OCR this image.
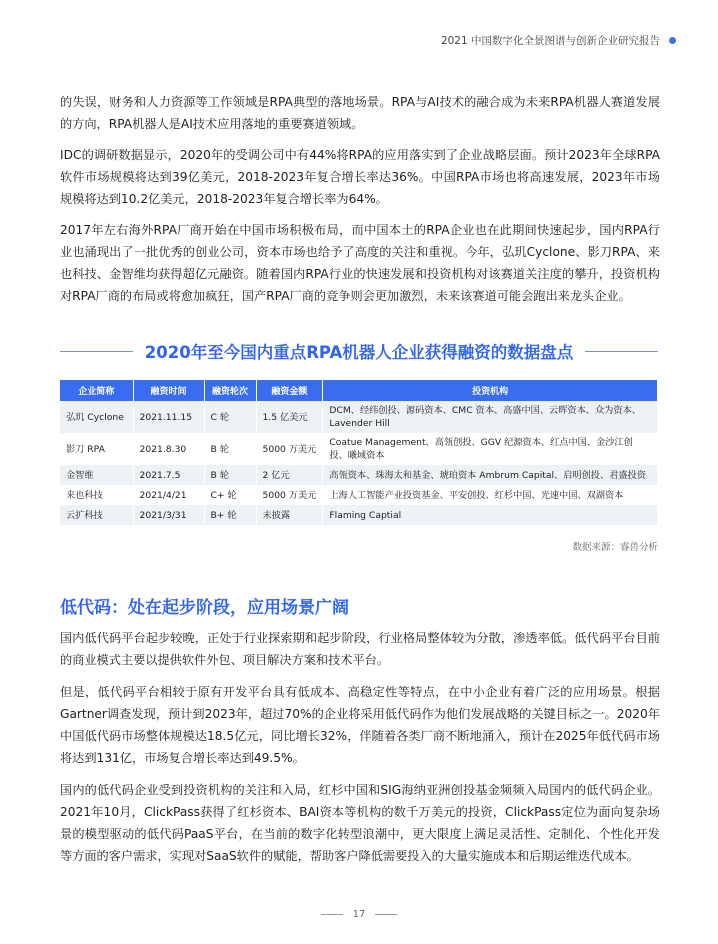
2021 中国数字化全景图谱与创新企业研究报告

的失误，财务和人力资源等工作领域是RPA典型的落地场景。RPA与AI技术的融合成为未来RPA机器人赛道发展的方向，RPA机器人是AI技术应用落地的重要赛道领域。

IDC的调研数据显示，2020年的受调公司中有44%将RPA的应用落实到了企业战略层面。预计2023年全球RPA软件市场规模将达到39亿美元，2018-2023年复合增长率达36%。中国RPA市场也将高速发展，2023年市场规模将达到10.2亿美元，2018-2023年复合增长率为64%。

2017年左右海外RPA厂商开始在中国市场积极布局，而中国本土的RPA企业也在此期间快速起步，国内RPA行业也涌现出了一批优秀的创业公司，资本市场也给予了高度的关注和重视。今年，弘玑Cyclone、影刀RPA、来也科技、金智维均获得超亿元融资。随着国内RPA行业的快速发展和投资机构对该赛道关注度的攀升，投资机构对RPA厂商的布局或将愈加疯狂，国产RPA厂商的竞争则会更加激烈，未来该赛道可能会跑出来龙头企业。

2020年至今国内重点RPA机器人企业获得融资的数据盘点
企业简称	融资时间	融资轮次	融资金额	投资机构
弘玑 Cyclone	2021.11.15	C 轮	1.5 亿美元	DCM、经纬创投、源码资本、CMC 资本、高盛中国、云晖资本、众为资本、Lavender Hill
影刀 RPA	2021.8.30	B 轮	5000 万美元	Coatue Management、高瓴创投、GGV 纪源资本、红点中国、金沙江创投、曦域资本
金智维	2021.7.5	B 轮	2 亿元	高瓴资本、珠海太和基金、琥珀资本 Ambrum Capital、启明创投、君盛投资
来也科技	2021/4/21	C+ 轮	5000 万美元	上海人工智能产业投资基金、平安创投、红杉中国、光速中国、双湖资本
云扩科技	2021/3/31	B+ 轮	未披露	Flaming Captial
数据来源：睿兽分析
低代码：处在起步阶段，应用场景广阔

国内低代码平台起步较晚，正处于行业探索期和起步阶段，行业格局整体较为分散，渗透率低。低代码平台目前的商业模式主要以提供软件外包、项目解决方案和技术平台。

但是，低代码平台相较于原有开发平台具有低成本、高稳定性等特点，在中小企业有着广泛的应用场景。根据Gartner调查发现，预计到2023年，超过70%的企业将采用低代码作为他们发展战略的关键目标之一。2020年中国低代码市场整体规模达18.5亿元，同比增长32%，伴随着各类厂商不断地涌入，预计在2025年低代码市场将达到131亿，市场复合增长率达到49.5%。

国内的低代码企业受到投资机构的关注和入局，红杉中国和SIG海纳亚洲创投基金频频入局国内的低代码企业。2021年10月，ClickPass获得了红杉资本、BAI资本等机构的数千万美元的投资，ClickPass定位为面向复杂场景的模型驱动的低代码PaaS平台，在当前的数字化转型浪潮中，更大限度上满足灵活性、定制化、个性化开发等方面的客户需求，实现对SaaS软件的赋能，帮助客户降低需要投入的大量实施成本和后期运维迭代成本。

17
